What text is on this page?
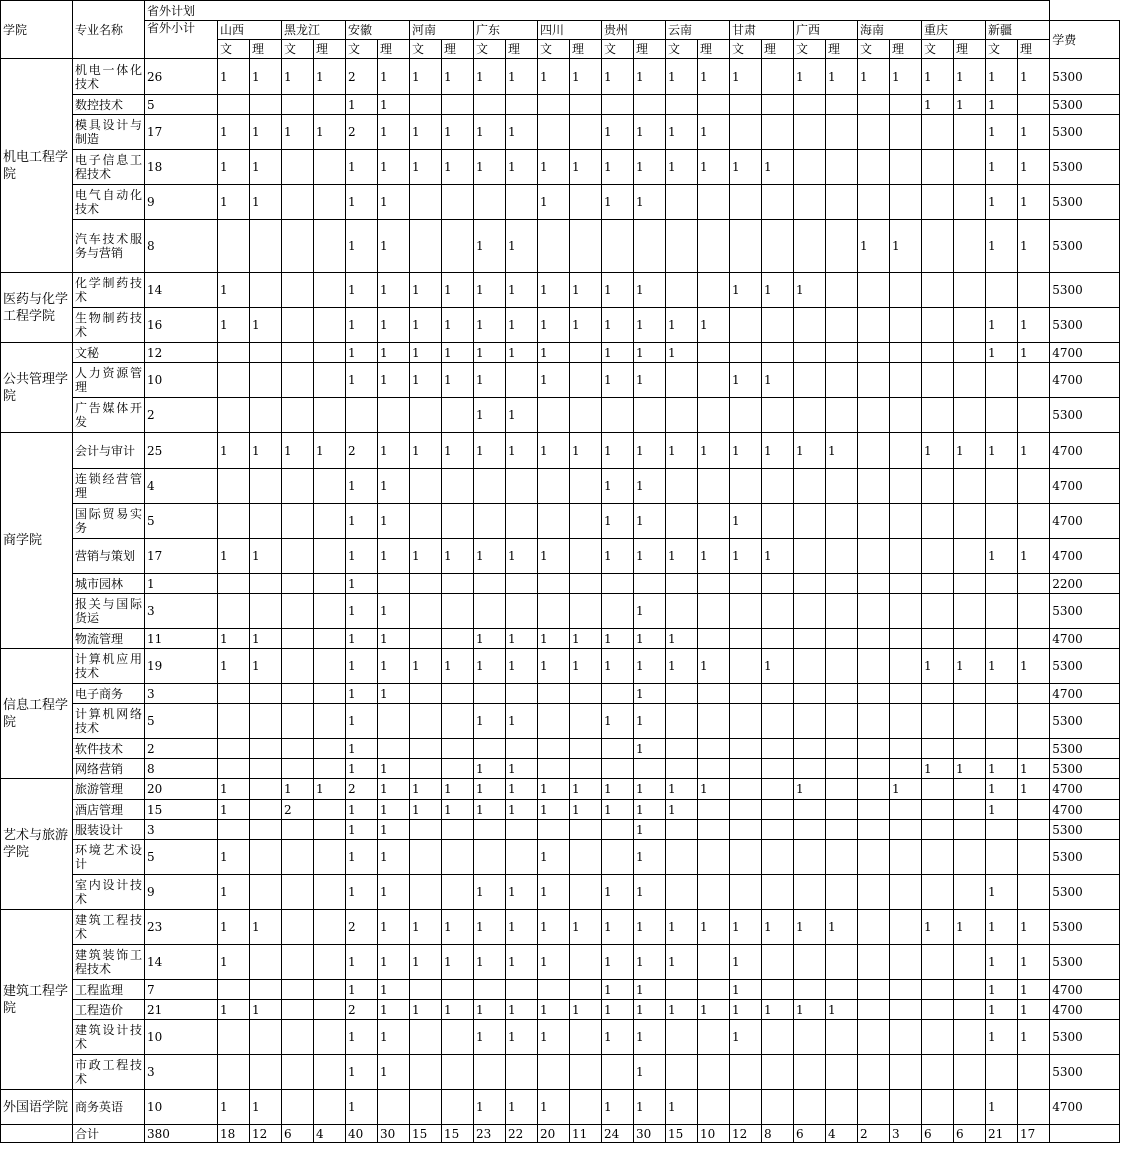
学院	专业名称	省外计划																											
		省外小计	山西		黑龙江		安徽		河南		广东		四川		贵州		云南		甘肃		广西		海南		重庆		新疆		学费
			文	理	文	理	文	理	文	理	文	理	文	理	文	理	文	理	文	理	文	理	文	理	文	理	文	理	
机电工程学院	机电一体化技术	26	1	1	1	1	2	1	1	1	1	1	1	1	1	1	1	1	1		1	1	1	1	1	1	1	1	5300
	数控技术	5					1	1																	1	1	1		5300
	模具设计与制造	17	1	1	1	1	2	1	1	1	1	1			1	1	1	1									1	1	5300
	电子信息工程技术	18	1	1			1	1	1	1	1	1	1	1	1	1	1	1	1	1							1	1	5300
	电气自动化技术	9	1	1			1	1					1		1	1											1	1	5300
	汽车技术服务与营销	8					1	1			1	1											1	1			1	1	5300
医药与化学工程学院	化学制药技术	14	1				1	1	1	1	1	1	1	1	1	1			1	1	1								5300
	生物制药技术	16	1	1			1	1	1	1	1	1	1	1	1	1	1	1									1	1	5300
公共管理学院	文秘	12					1	1	1	1	1	1	1		1	1	1										1	1	4700
	人力资源管理	10					1	1	1	1	1		1		1	1			1	1									4700
	广告媒体开发	2									1	1																	5300
商学院	会计与审计	25	1	1	1	1	2	1	1	1	1	1	1	1	1	1	1	1	1	1	1	1			1	1	1	1	4700
	连锁经营管理	4					1	1							1	1													4700
	国际贸易实务	5					1	1							1	1			1										4700
	营销与策划	17	1	1			1	1	1	1	1	1	1		1	1	1	1	1	1							1	1	4700
	城市园林	1					1																						2200
	报关与国际货运	3					1	1								1													5300
	物流管理	11	1	1			1	1			1	1	1	1	1	1	1												4700
信息工程学院	计算机应用技术	19	1	1			1	1	1	1	1	1	1	1	1	1	1	1		1					1	1	1	1	5300
	电子商务	3					1	1								1													4700
	计算机网络技术	5					1				1	1			1	1													5300
	软件技术	2					1									1													5300
	网络营销	8					1	1			1	1													1	1	1	1	5300
艺术与旅游学院	旅游管理	20	1		1	1	2	1	1	1	1	1	1	1	1	1	1	1			1			1			1	1	4700
	酒店管理	15	1		2		1	1	1	1	1	1	1	1	1	1	1										1		4700
	服装设计	3					1	1								1													5300
	环境艺术设计	5	1				1	1					1			1													5300
	室内设计技术	9	1				1	1			1	1	1		1	1											1		5300
建筑工程学院	建筑工程技术	23	1	1			2	1	1	1	1	1	1	1	1	1	1	1	1	1	1	1			1	1	1	1	5300
	建筑装饰工程技术	14	1				1	1	1	1	1	1	1		1	1	1		1								1	1	5300
	工程监理	7					1	1							1	1			1								1	1	4700
	工程造价	21	1	1			2	1	1	1	1	1	1	1	1	1	1	1	1	1	1	1					1	1	4700
	建筑设计技术	10					1	1			1	1	1		1	1			1								1	1	5300
	市政工程技术	3					1	1								1													5300
外国语学院	商务英语	10	1	1			1				1	1	1		1	1	1										1		4700
	合计	380	18	12	6	4	40	30	15	15	23	22	20	11	24	30	15	10	12	8	6	4	2	3	6	6	21	17	
